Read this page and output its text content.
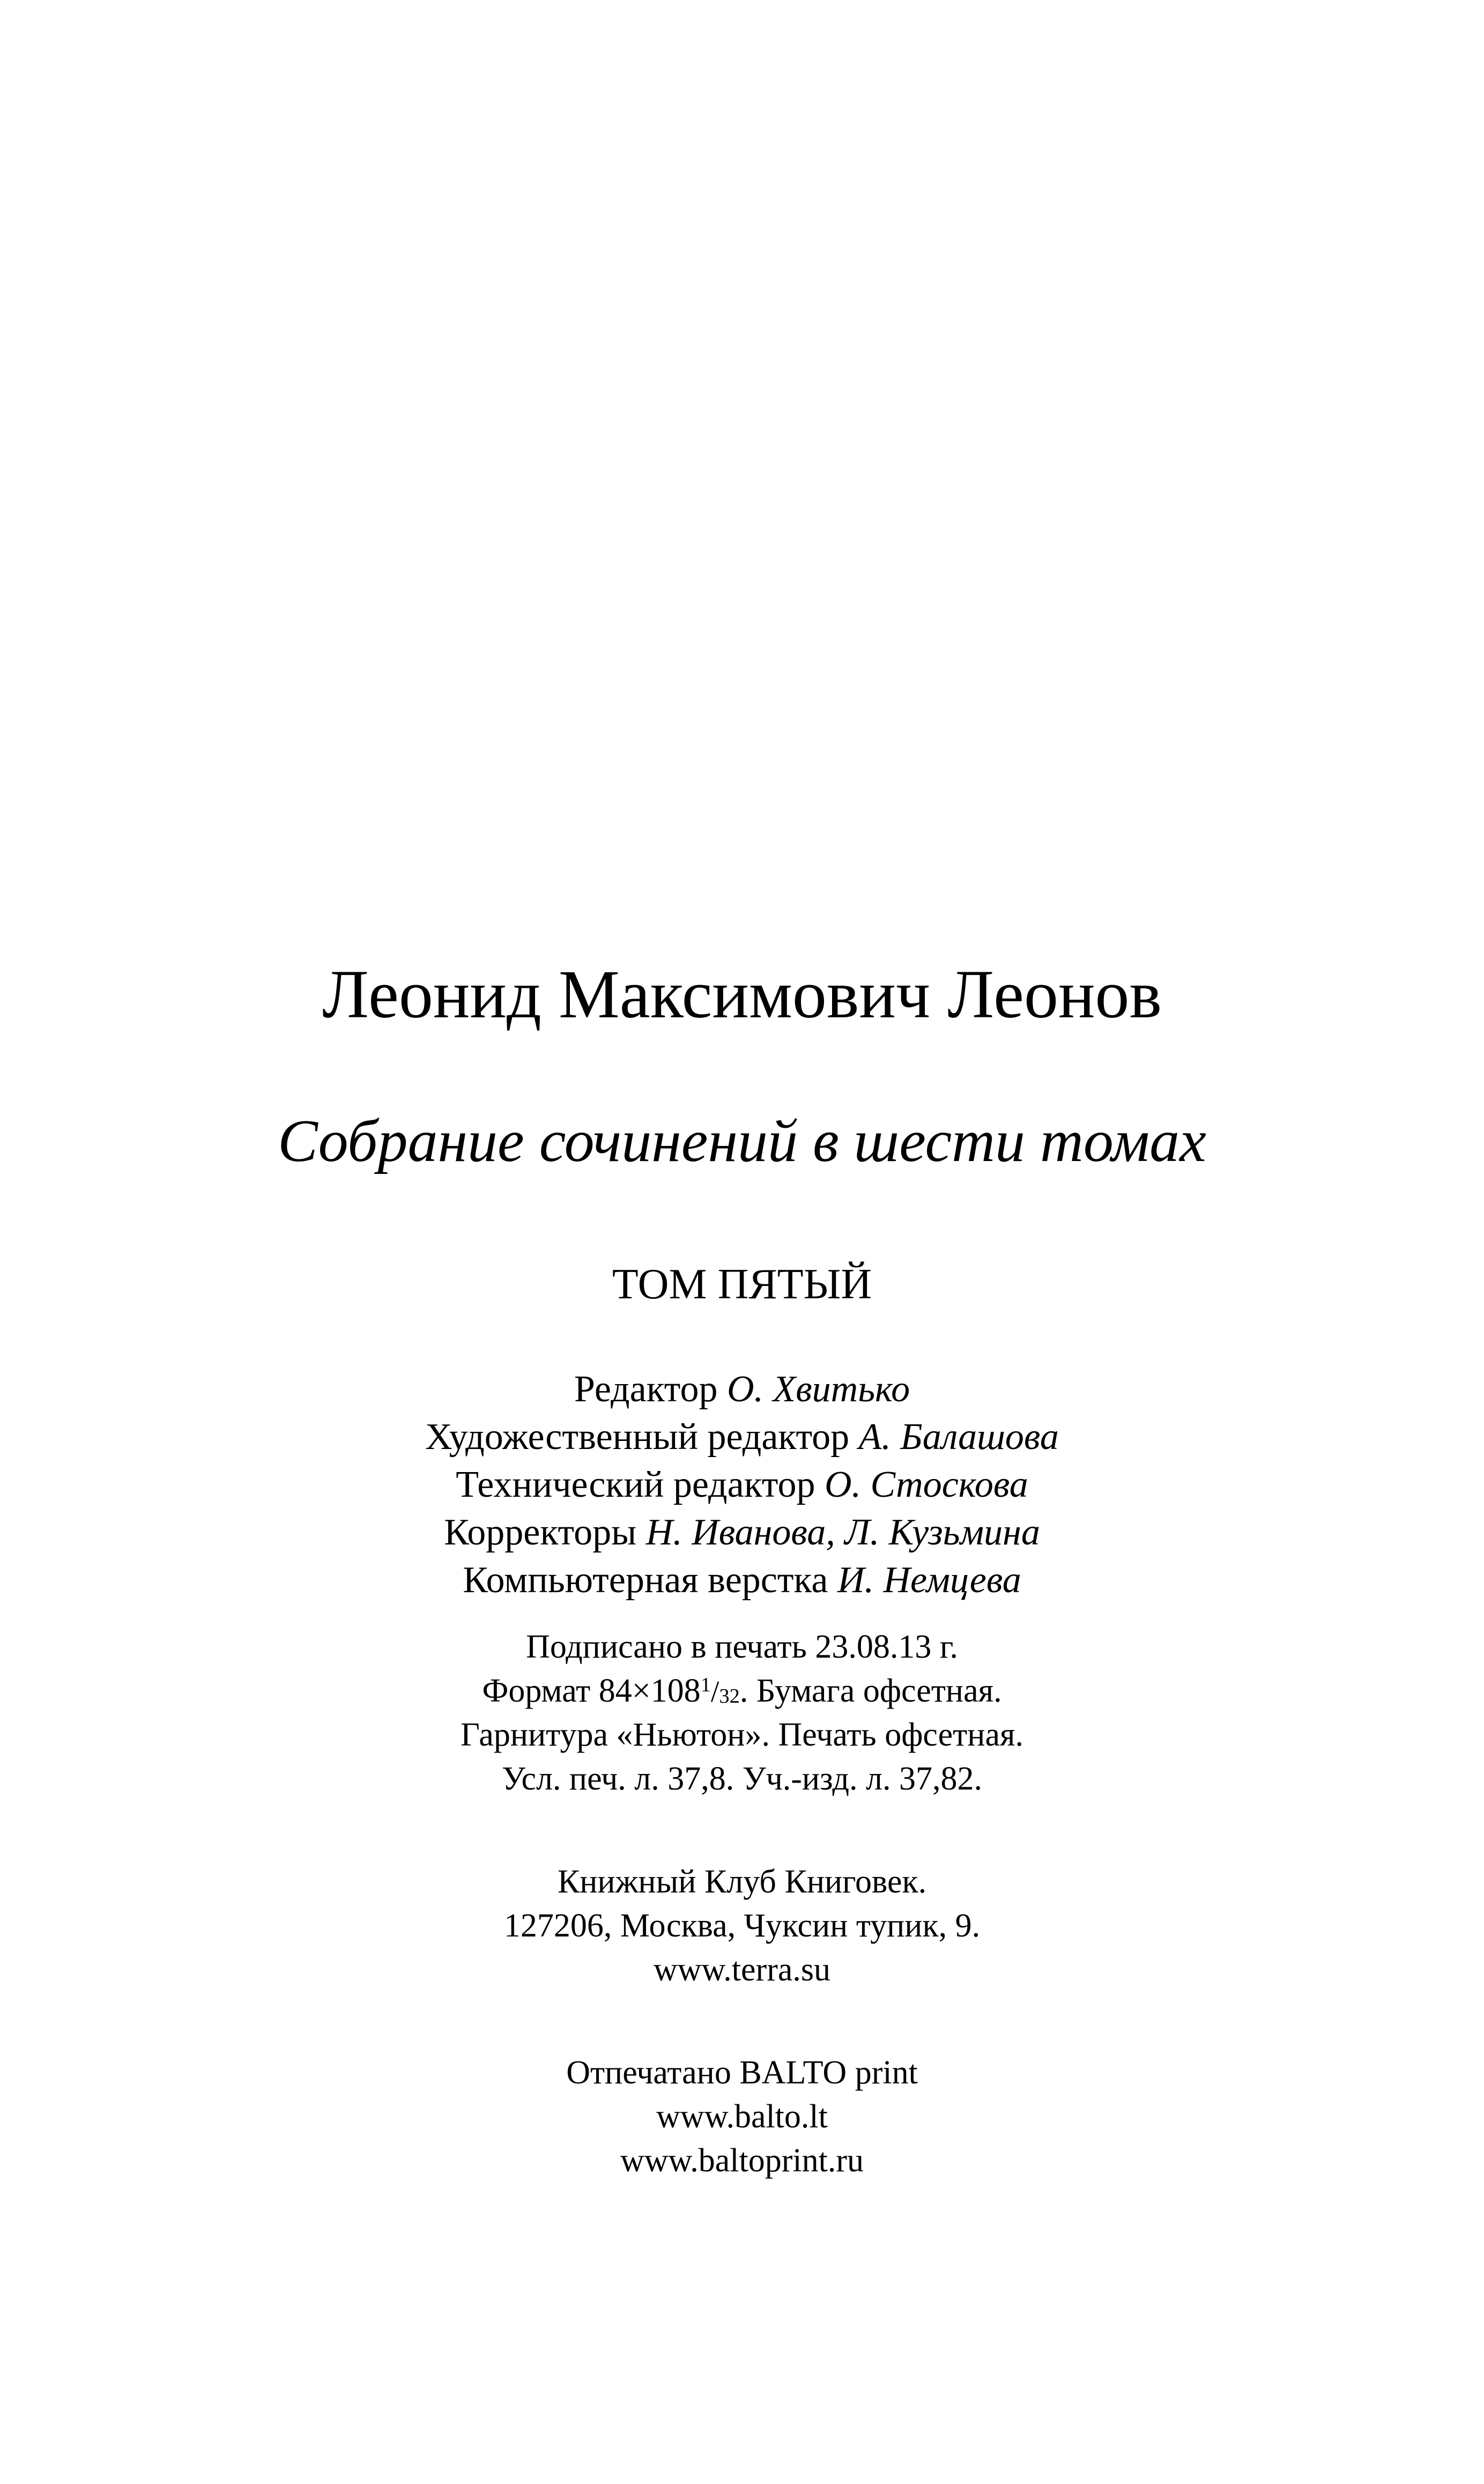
Леонид Максимович Леонов
Собрание сочинений в шести томах
ТОМ ПЯТЫЙ
Редактор О. Хвитько
Художественный редактор А. Балашова
Технический редактор О. Стоскова
Корректоры Н. Иванова, Л. Кузьмина
Компьютерная верстка И. Немцева
Подписано в печать 23.08.13 г.
Формат $84\times 108^1/32$. Бумага офсетная.
Гарнитура «Ньютон». Печать офсетная.
Усл. печ. л. 37,8. Уч.-изд. л. 37,82.
Книжный Клуб Книговек.
127206, Москва, Чуксин тупик, 9.
www.terra.su
Отпечатано BALTO print
www.balto.lt
www.baltoprint.ru
